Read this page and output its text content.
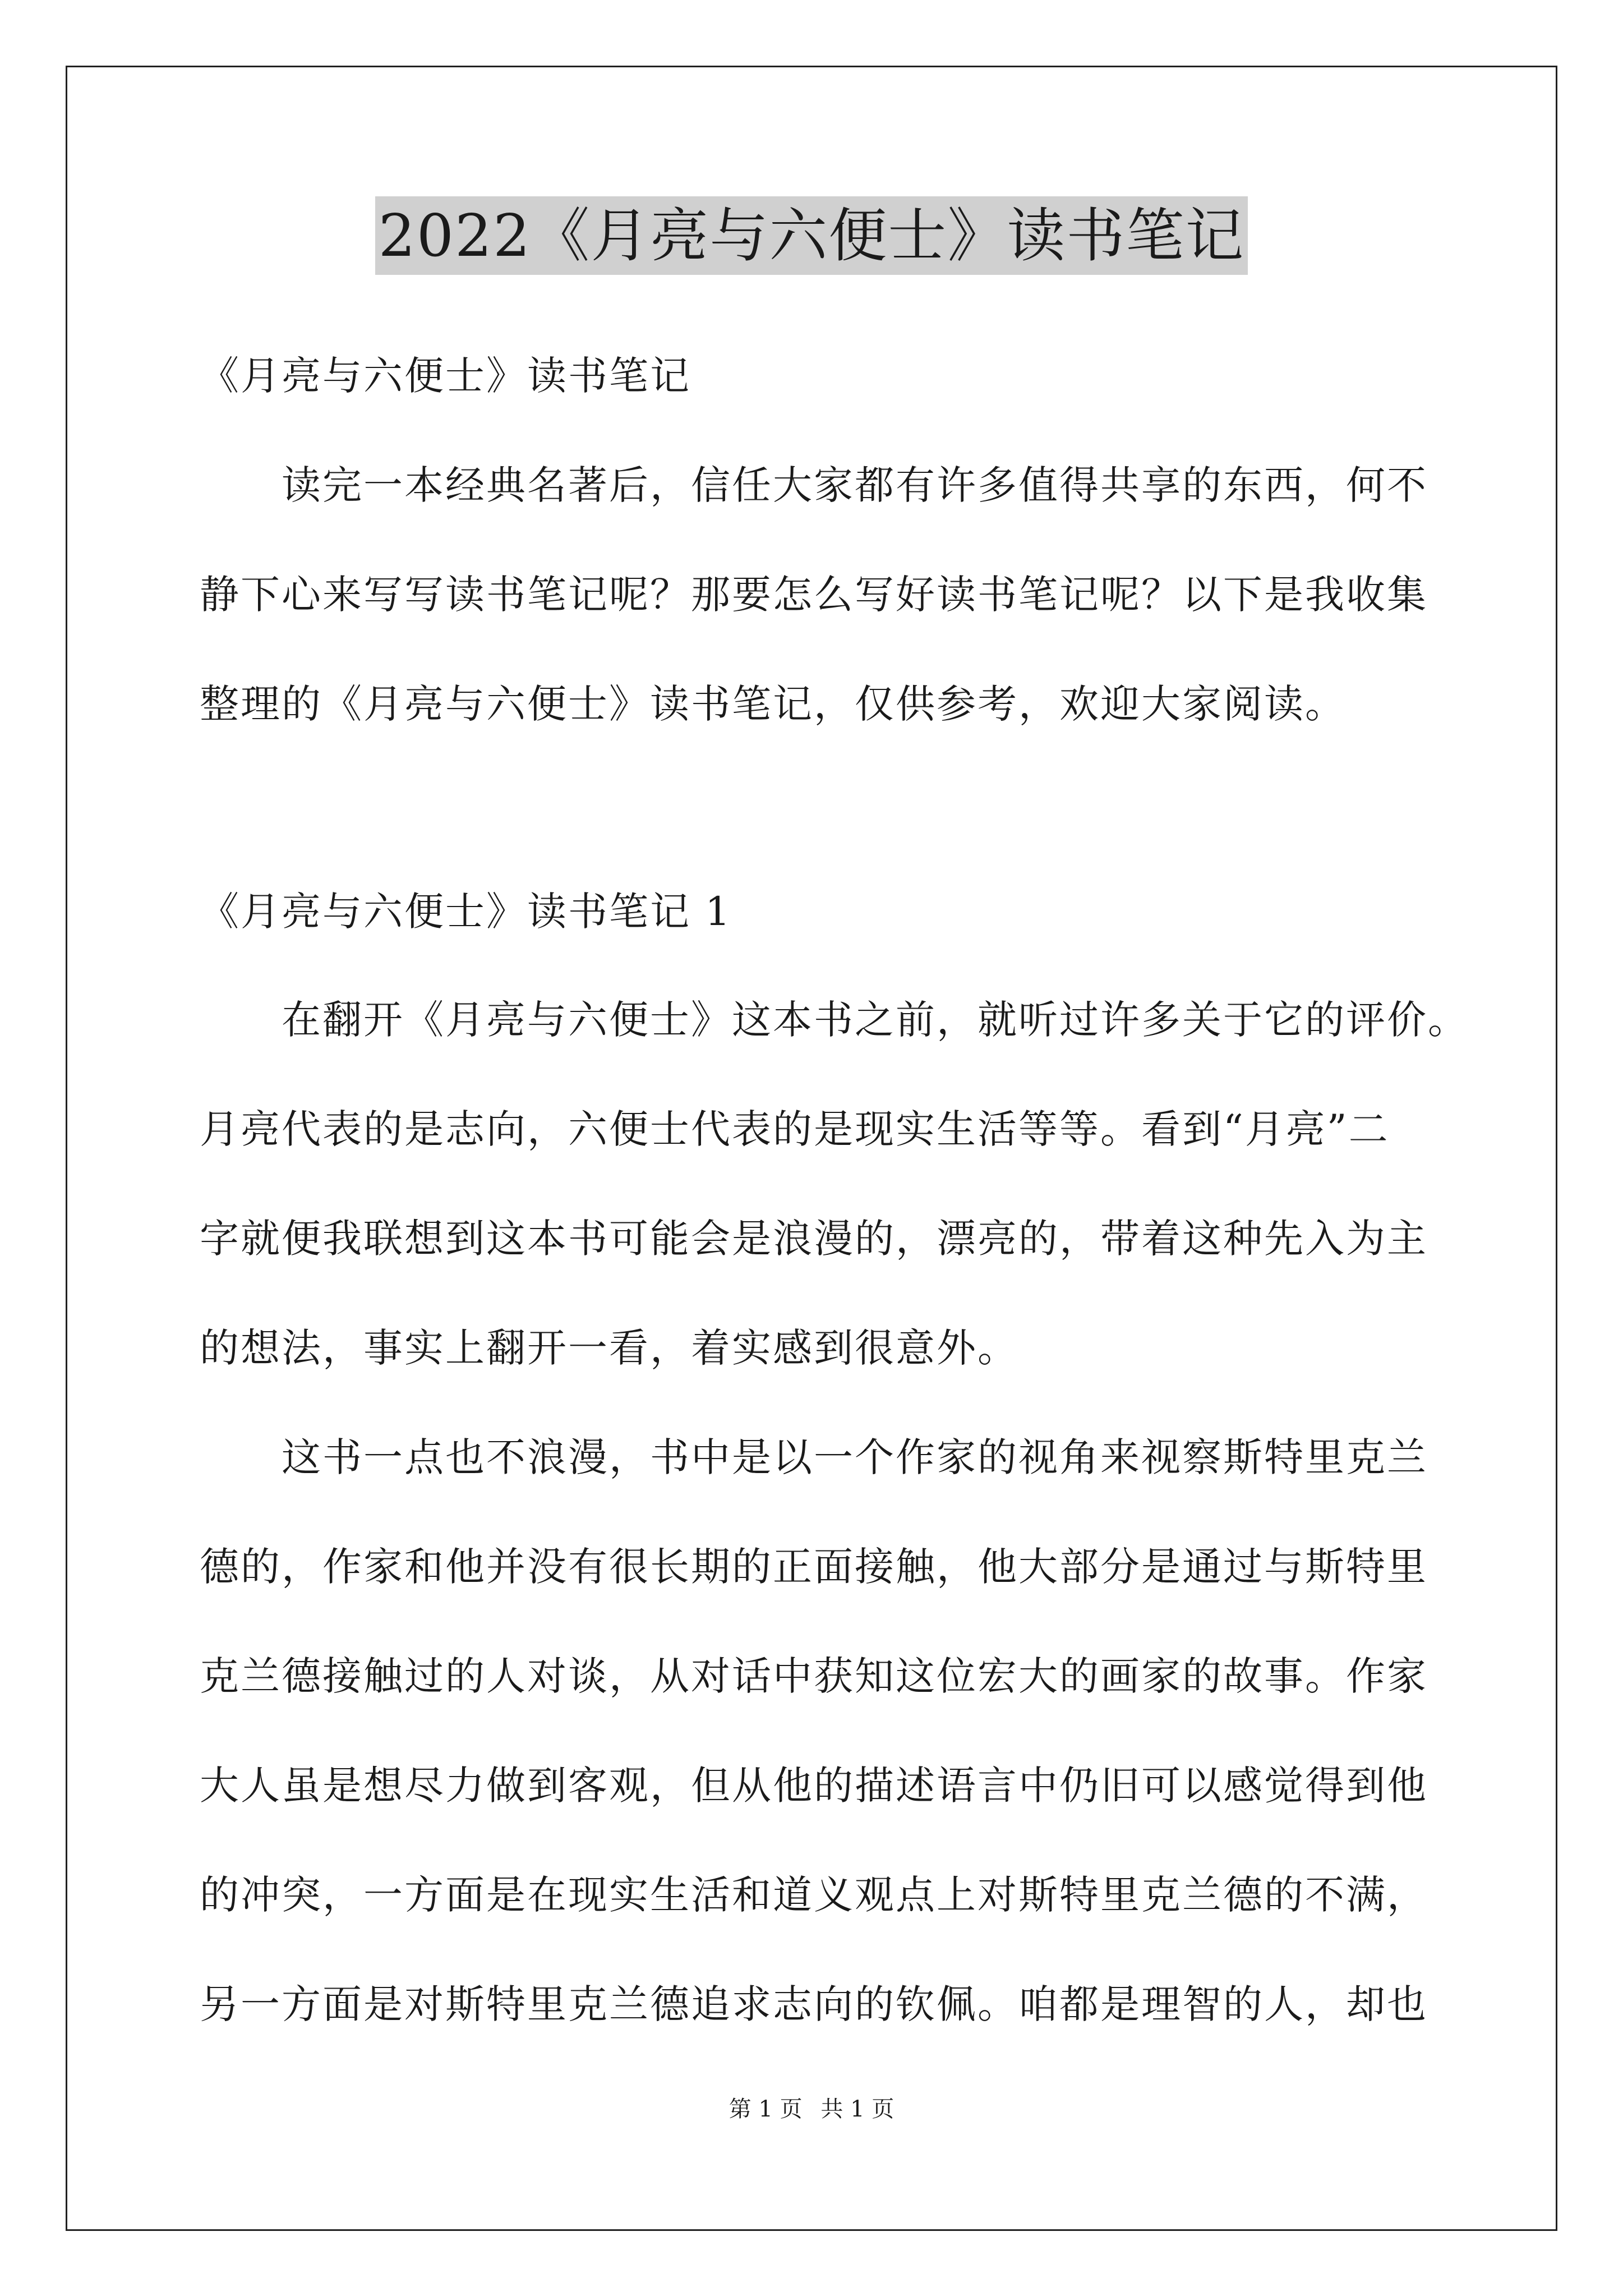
2022《月亮与六便士》读书笔记
《月亮与六便士》读书笔记
读完一本经典名著后，信任大家都有许多值得共享的东西，何不
静下心来写写读书笔记呢？那要怎么写好读书笔记呢？以下是我收集
整理的《月亮与六便士》读书笔记，仅供参考，欢迎大家阅读。
《月亮与六便士》读书笔记 1
在翻开《月亮与六便士》这本书之前，就听过许多关于它的评价。
月亮代表的是志向，六便士代表的是现实生活等等。看到“月亮”二
字就便我联想到这本书可能会是浪漫的，漂亮的，带着这种先入为主
的想法，事实上翻开一看，着实感到很意外。
这书一点也不浪漫，书中是以一个作家的视角来视察斯特里克兰
德的，作家和他并没有很长期的正面接触，他大部分是通过与斯特里
克兰德接触过的人对谈，从对话中获知这位宏大的画家的故事。作家
大人虽是想尽力做到客观，但从他的描述语言中仍旧可以感觉得到他
的冲突，一方面是在现实生活和道义观点上对斯特里克兰德的不满，
另一方面是对斯特里克兰德追求志向的钦佩。咱都是理智的人，却也
第 1 页 共 1 页
